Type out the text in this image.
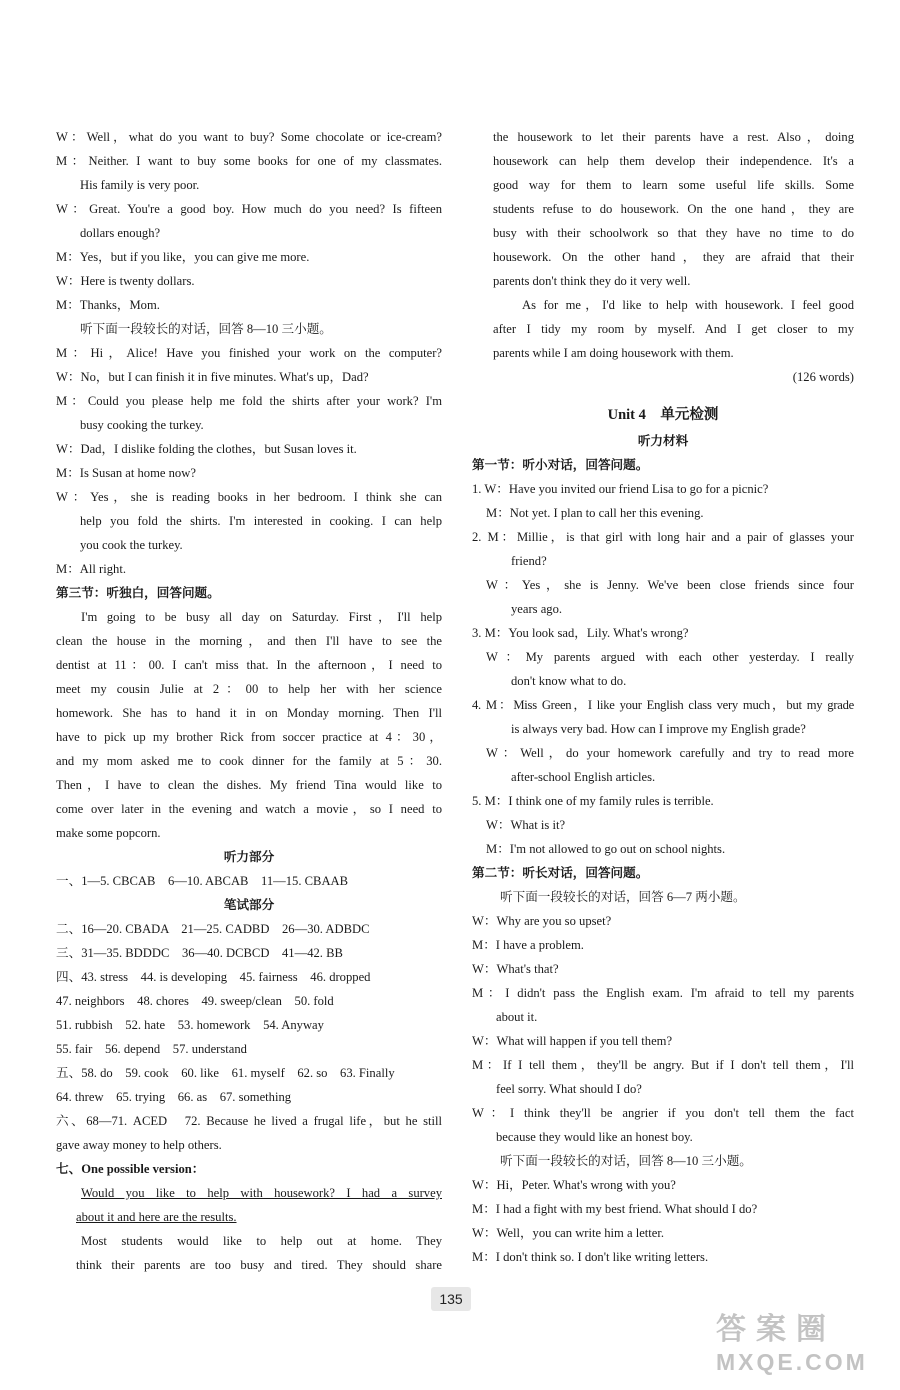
W：Well，what do you want to buy? Some chocolate or ice-cream?
M：Neither. I want to buy some books for one of my classmates.
His family is very poor.
W：Great. You're a good boy. How much do you need? Is fifteen
dollars enough?
M：Yes，but if you like，you can give me more.
W：Here is twenty dollars.
M：Thanks，Mom.
听下面一段较长的对话，回答 8—10 三小题。
M：Hi，Alice! Have you finished your work on the computer?
W：No，but I can finish it in five minutes. What's up，Dad?
M：Could you please help me fold the shirts after your work? I'm
busy cooking the turkey.
W：Dad，I dislike folding the clothes，but Susan loves it.
M：Is Susan at home now?
W：Yes，she is reading books in her bedroom. I think she can
help you fold the shirts. I'm interested in cooking. I can help
you cook the turkey.
M：All right.
第三节：听独白，回答问题。
I'm going to be busy all day on Saturday. First，I'll help
clean the house in the morning，and then I'll have to see the
dentist at 11：00. I can't miss that. In the afternoon，I need to
meet my cousin Julie at 2：00 to help her with her science
homework. She has to hand it in on Monday morning. Then I'll
have to pick up my brother Rick from soccer practice at 4：30，
and my mom asked me to cook dinner for the family at 5：30.
Then，I have to clean the dishes. My friend Tina would like to
come over later in the evening and watch a movie，so I need to
make some popcorn.
听力部分
一、1—5. CBCAB　6—10. ABCAB　11—15. CBAAB
笔试部分
二、16—20. CBADA　21—25. CADBD　26—30. ADBDC
三、31—35. BDDDC　36—40. DCBCD　41—42. BB
四、43. stress　44. is developing　45. fairness　46. dropped
47. neighbors　48. chores　49. sweep/clean　50. fold
51. rubbish　52. hate　53. homework　54. Anyway
55. fair　56. depend　57. understand
五、58. do　59. cook　60. like　61. myself　62. so　63. Finally
64. threw　65. trying　66. as　67. something
六、68—71. ACED　72. Because he lived a frugal life，but he still
gave away money to help others.
七、One possible version：
Would you like to help with housework? I had a survey
about it and here are the results.
Most students would like to help out at home. They
think their parents are too busy and tired. They should share
the housework to let their parents have a rest. Also，doing
housework can help them develop their independence. It's a
good way for them to learn some useful life skills. Some
students refuse to do housework. On the one hand，they are
busy with their schoolwork so that they have no time to do
housework. On the other hand，they are afraid that their
parents don't think they do it very well.
As for me，I'd like to help with housework. I feel good
after I tidy my room by myself. And I get closer to my
parents while I am doing housework with them.
(126 words)
Unit 4　单元检测
听力材料
第一节：听小对话，回答问题。
1. W：Have you invited our friend Lisa to go for a picnic?
M：Not yet. I plan to call her this evening.
2. M：Millie，is that girl with long hair and a pair of glasses your
friend?
W：Yes，she is Jenny. We've been close friends since four
years ago.
3. M：You look sad，Lily. What's wrong?
W：My parents argued with each other yesterday. I really
don't know what to do.
4. M：Miss Green，I like your English class very much，but my grade
is always very bad. How can I improve my English grade?
W：Well，do your homework carefully and try to read more
after-school English articles.
5. M：I think one of my family rules is terrible.
W：What is it?
M：I'm not allowed to go out on school nights.
第二节：听长对话，回答问题。
听下面一段较长的对话，回答 6—7 两小题。
W：Why are you so upset?
M：I have a problem.
W：What's that?
M：I didn't pass the English exam. I'm afraid to tell my parents
about it.
W：What will happen if you tell them?
M：If I tell them，they'll be angry. But if I don't tell them，I'll
feel sorry. What should I do?
W：I think they'll be angrier if you don't tell them the fact
because they would like an honest boy.
听下面一段较长的对话，回答 8—10 三小题。
W：Hi，Peter. What's wrong with you?
M：I had a fight with my best friend. What should I do?
W：Well，you can write him a letter.
M：I don't think so. I don't like writing letters.
135
答案圈
MXQE.COM
